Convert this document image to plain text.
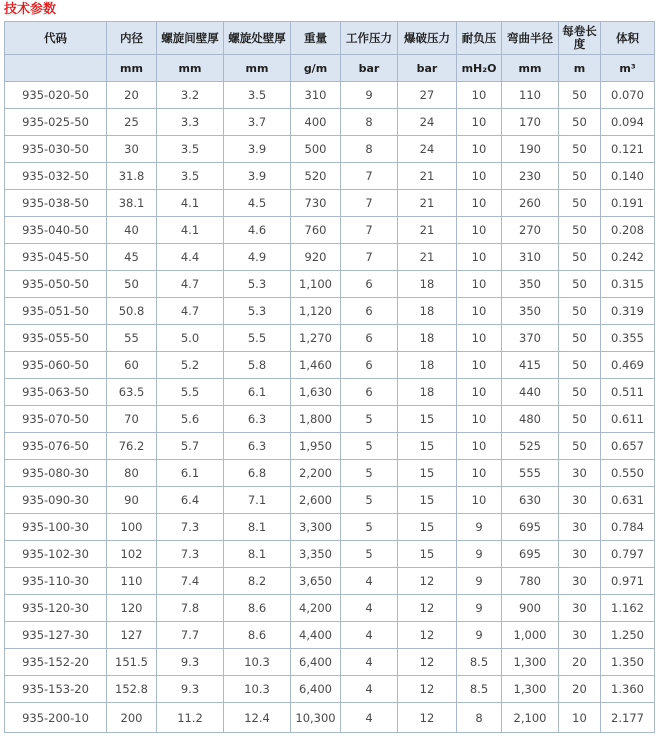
技术参数
代码	内径	螺旋间壁厚	螺旋处壁厚	重量	工作压力	爆破压力	耐负压	弯曲半径	每卷长度	体积
	mm	mm	mm	g/m	bar	bar	mH₂O	mm	m	m³
935-020-50	20	3.2	3.5	310	9	27	10	110	50	0.070
935-025-50	25	3.3	3.7	400	8	24	10	170	50	0.094
935-030-50	30	3.5	3.9	500	8	24	10	190	50	0.121
935-032-50	31.8	3.5	3.9	520	7	21	10	230	50	0.140
935-038-50	38.1	4.1	4.5	730	7	21	10	260	50	0.191
935-040-50	40	4.1	4.6	760	7	21	10	270	50	0.208
935-045-50	45	4.4	4.9	920	7	21	10	310	50	0.242
935-050-50	50	4.7	5.3	1,100	6	18	10	350	50	0.315
935-051-50	50.8	4.7	5.3	1,120	6	18	10	350	50	0.319
935-055-50	55	5.0	5.5	1,270	6	18	10	370	50	0.355
935-060-50	60	5.2	5.8	1,460	6	18	10	415	50	0.469
935-063-50	63.5	5.5	6.1	1,630	6	18	10	440	50	0.511
935-070-50	70	5.6	6.3	1,800	5	15	10	480	50	0.611
935-076-50	76.2	5.7	6.3	1,950	5	15	10	525	50	0.657
935-080-30	80	6.1	6.8	2,200	5	15	10	555	30	0.550
935-090-30	90	6.4	7.1	2,600	5	15	10	630	30	0.631
935-100-30	100	7.3	8.1	3,300	5	15	9	695	30	0.784
935-102-30	102	7.3	8.1	3,350	5	15	9	695	30	0.797
935-110-30	110	7.4	8.2	3,650	4	12	9	780	30	0.971
935-120-30	120	7.8	8.6	4,200	4	12	9	900	30	1.162
935-127-30	127	7.7	8.6	4,400	4	12	9	1,000	30	1.250
935-152-20	151.5	9.3	10.3	6,400	4	12	8.5	1,300	20	1.350
935-153-20	152.8	9.3	10.3	6,400	4	12	8.5	1,300	20	1.360
935-200-10	200	11.2	12.4	10,300	4	12	8	2,100	10	2.177
